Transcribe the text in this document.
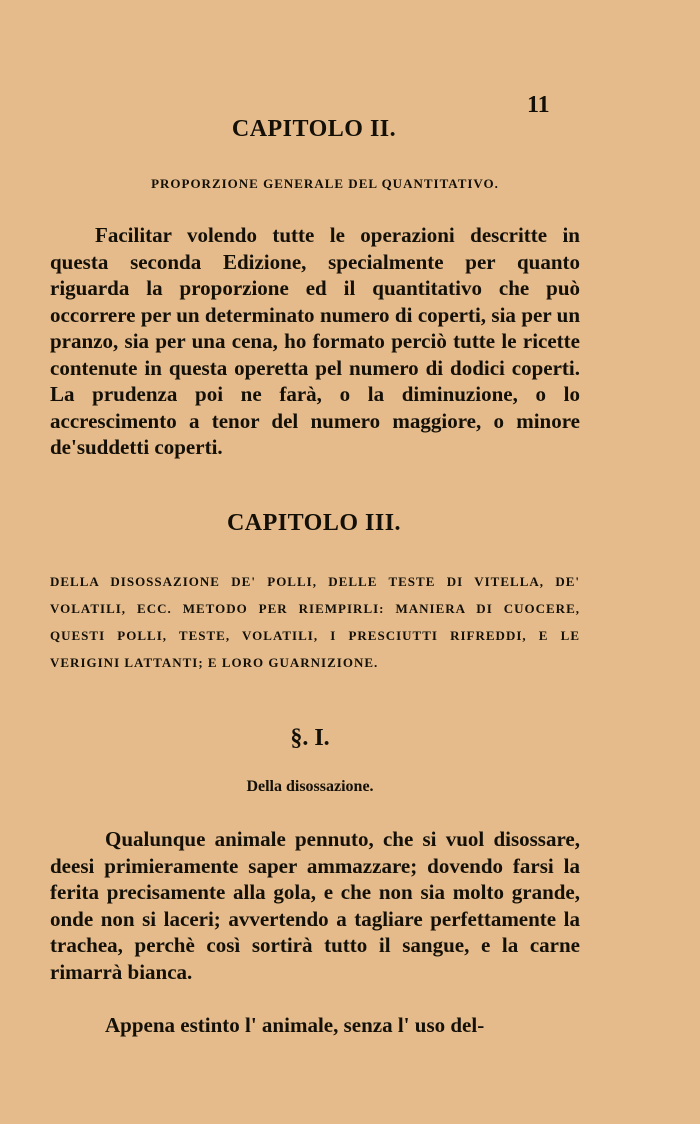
11
CAPITOLO II.
PROPORZIONE GENERALE DEL QUANTITATIVO.

Facilitar volendo tutte le operazioni descritte in questa seconda Edizione, specialmente per quanto riguarda la proporzione ed il quantitativo che può occorrere per un determinato numero di coperti, sia per un pranzo, sia per una cena, ho formato perciò tutte le ricette contenute in questa operetta pel numero di dodici coperti. La prudenza poi ne farà, o la diminuzione, o lo accrescimento a tenor del numero maggiore, o minore de'suddetti coperti.

CAPITOLO III.

DELLA DISOSSAZIONE DE' POLLI, DELLE TESTE DI VITELLA, DE' VOLATILI, ECC. METODO PER RIEMPIRLI: MANIERA DI CUOCERE, QUESTI POLLI, TESTE, VOLATILI, I PRESCIUTTI RIFREDDI, E LE VERIGINI LATTANTI; E LORO GUARNIZIONE.

§. I.
Della disossazione.

Qualunque animale pennuto, che si vuol disossare, deesi primieramente saper ammazzare; dovendo farsi la ferita precisamente alla gola, e che non sia molto grande, onde non si laceri; avvertendo a tagliare perfettamente la trachea, perchè così sortirà tutto il sangue, e la carne rimarrà bianca.

Appena estinto l' animale, senza l' uso del-
